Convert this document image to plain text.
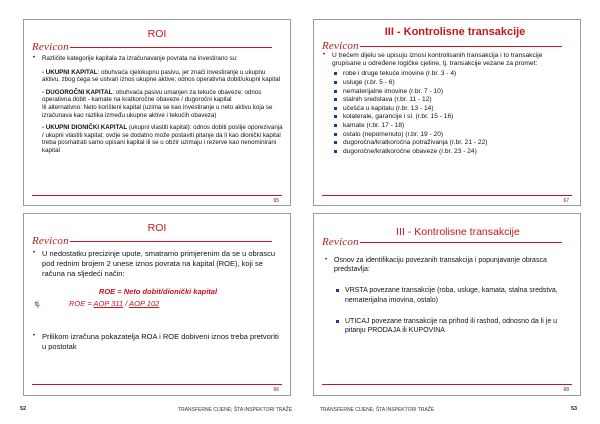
ROI
Revicon
•	Različite kategorije kapitala za izračunavanje povrata na investirano su:
- UKUPNI KAPITAL: obuhvaća cjelokupnu pasivu, jer znači investiranje u ukupnu aktivu, zbog čega se ustvari iznos ukupne aktive; odnos operativna dobit/ukupni kapital
- DUGOROČNI KAPITAL: obuhvaća pasivu umanjen za tekuće obaveze; odnos operativna dobit - kamate na kratkoročne obaveze / dugoročni kapital
Ili alternativno: Neto korišteni kapital (uzima se kao investiranje u neto aktivu koja se izračunava kao razlika između ukupne aktive i tekućih obaveza)
- UKUPNI DIONIČKI KAPITAL (ukupni vlastiti kapital): odnos dobiti poslije oporezivanja / ukupni vlastiti kapital; ovdje se dodatno može postaviti pitanje da li kao dionički kapital treba posmatrati samo upisani kapital ili se u obzir uzimaju i rezerve kao nenominirani kapital
65
III - Kontrolisne transakcije
Revicon
•	U trećem dijelu se upisuju iznosi kontrolisanih transakcija i to transakcije grupisane u određene logičke cjeline, tj. transakcije vezane za promet:
robe i druge tekuće imovine (r.br. 3 - 4)
usluge (r.br. 5 - 6)
nematerijalne imovine (r.br. 7 - 10)
stalnih sredstava (r.br. 11 - 12)
učešća u kapitalu (r.br. 13 - 14)
kolaterale, garancije i sl. (r.br. 15 - 16)
kamate (r.br. 17 - 18)
ostalo (nepomenuto) (r.br. 19 - 20)
dugoročna/kratkoročna potraživanja (r.br. 21 - 22)
dugoročne/kratkoročne obaveze (r.br. 23 - 24)
67
ROI
Revicon
• U nedostatku precizinje upute, smatramo primjerenim da se u obrascu pod rednim brojem 2 unese iznos povrata na kapital (ROE), koji se računa na sljedeći način:
ROE = Neto dobit/dionički kapital
tj.	ROE = AOP 311 / AOP 102
• Prilikom izračuna pokazatelja ROA i ROE dobiveni iznos treba pretvoriti u postotak
66
III - Kontrolisne transakcije
Revicon
• Osnov za identifikaciju povezanih transakcija i popunjavanje obrasca predstavlja:
VRSTA povezane transakcije (roba, usluge, kamata, stalna sredstva, nematerijalna imovina, ostalo)
UTICAJ povezane transakcije na prihod ili rashod, odnosno da li je u pitanju PRODAJA ili KUPOVINA
68
52	TRANSFERNE CIJENE; ŠTA INSPEKTORI TRAŽE	TRANSFERNE CIJENE; ŠTA INSPEKTORI TRAŽE	53
